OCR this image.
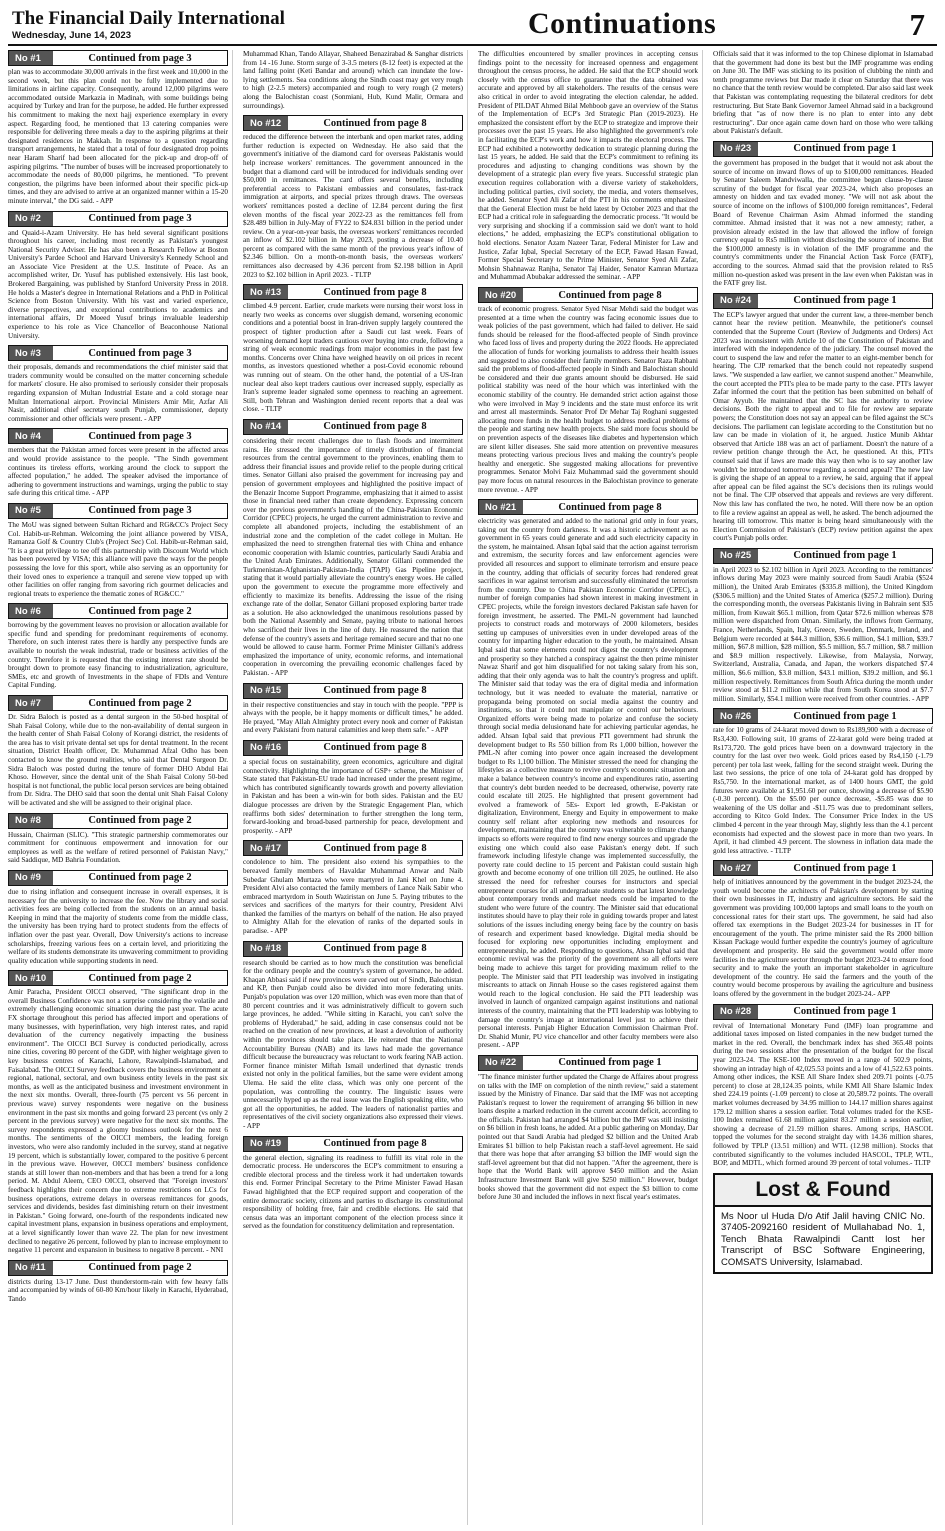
The Financial Daily International
Wednesday, June 14, 2023	Continuations	7
No #1	Continued from page 3

plan was to accommodate 30,000 arrivals in the first week and 10,000 in the second week, but this plan could not be fully implemented due to limitations in airline capacity. Consequently, around 12,000 pilgrims were accommodated outside Markazia in Madinah, with some buildings being acquired by Turkey and Iran for the purpose, he added. He further expressed his commitment to making the next hajj experience exemplary in every aspect. Regarding food, he mentioned that 13 catering companies were responsible for delivering three meals a day to the aspiring pilgrims at their designated residences in Makkah. In response to a question regarding transport arrangements, he stated that a total of four designated drop points near Haram Sharif had been allocated for the pick-up and drop-off of aspiring pilgrims. "The number of buses will be increased proportionately to accommodate the needs of 80,000 pilgrims, he mentioned. "To prevent congestion, the pilgrims have been informed about their specific pick-up times, and they are advised to arrive at an organized manner within a 15-20 minute interval," the DG said. - APP

No #2	Continued from page 3

and Quaid-i-Azam University. He has held several significant positions throughout his career, including most recently as Pakistan's youngest National Security Adviser. He has also been a Research Fellow at Boston University's Pardee School and Harvard University's Kennedy School and an Associate Vice President at the U.S. Institute of Peace. As an accomplished writer, Dr. Yusuf has published extensively. His last book, Brokered Bargaining, was published by Stanford University Press in 2018. He holds a Master's degree in International Relations and a PhD in Political Science from Boston University. With his vast and varied experience, diverse perspectives, and exceptional contributions to academics and international affairs, Dr Moeed Yusuf brings invaluable leadership experience to his role as Vice Chancellor of Beaconhouse National University.

No #3	Continued from page 3

their proposals, demands and recommendations the chief minister said that traders community would be consulted on the matter concerning schedule for markets' closure. He also promised to seriously consider their proposals regarding expansion of Multan Industrial Estate and a cold storage near Multan International airport. Provincial Ministers Amir Mir, Azfar Ali Nasir, additional chief secretary south Punjab, commissioner, deputy commissioner and other officials were present. - APP

No #4	Continued from page 3

members that the Pakistan armed forces were present in the affected areas and would provide assistance to the people. "The Sindh government continues its tireless efforts, working around the clock to support the affected population," he added. The speaker advised the importance of adhering to government instructions and warnings, urging the public to stay safe during this critical time. - APP

No #5	Continued from page 3

The MoU was signed between Sultan Richard and RG&CC's Project Secy Col. Habib-ur-Rehman. Welcoming the joint alliance powered by VISA, Ramanza Golf & Country Club's (Project Sec) Col. Habib-ur-Rehman said, "It is a great privilege to tee off this partnership with Discount World which has been powered by VISA; this alliance will pave the ways for the people possessing the love for this sport, while also serving as an opportunity for their loved ones to experience a tranquil and serene view topped up with other facilities on offer ranging from savoring rich gourmet delicacies and regional treats to experience the thematic zones of RG&CC."

No #6	Continued from page 2

borrowing by the government leaves no provision or allocation available for specific fund and spending for predominant requirements of economy. Therefore, on such interest rates there is hardly any perspective funds are available to nourish the weak industrial, trade or business activities of the country. Therefore it is requested that the existing interest rate should be brought down to promote easy financing to industrialization, agriculture, SMEs, etc and growth of Investments in the shape of FDIs and Venture Capital Funding.

No #7	Continued from page 2

Dr. Sidra Baloch is posted as a dental surgeon in the 50-bed hospital of Shah Faisal Colony, while due to the non-availability of dental surgeon in the health center of Shah Faisal Colony of Korangi district, the residents of the area has to visit private dental set ups for dental treatment. In the recent situation, District Health officer, Dr. Muhammad Afzal Odho has been contacted to know the ground realities, who said that Dental Surgeon Dr. Sidra Baloch was posted during the tenure of former DHO Abdul Hai Khoso. However, since the dental unit of the Shah Faisal Colony 50-bed hospital is not functional, the public local person services are being obtained from Dr. Sidra. The DHO said that soon the dental unit Shah Faisal Colony will be activated and she will be assigned to their original place.

No #8	Continued from page 2

Hussain, Chairman (SLIC). "This strategic partnership commemorates our commitment for continuous empowerment and innovation for our employees as well as the welfare of retired personnel of Pakistan Navy," said Saddique, MD Bahria Foundation.

No #9	Continued from page 2

due to rising inflation and consequent increase in overall expenses, it is necessary for the university to increase the fee. Now the library and social activities fees are being collected from the students on an annual basis. Keeping in mind that the majority of students come from the middle class, the university has been trying hard to protect students from the effects of inflation over the past year. Overall, Dow University's actions to increase scholarships, freezing various fees on a certain level, and prioritizing the welfare of its students demonstrate its unwavering commitment to providing quality education while supporting students in need.

No #10	Continued from page 2

Amir Paracha, President OICCI observed, "The significant drop in the overall Business Confidence was not a surprise considering the volatile and extremely challenging economic situation during the past year. The acute FX shortage throughout this period has affected import and operations of many businesses, with hyperinflation, very high interest rates, and rapid devaluation of the currency negatively impacting the business environment". The OICCI BCI Survey is conducted periodically, across nine cities, covering 80 percent of the GDP, with higher weightage given to key business centres of Karachi, Lahore, Rawalpindi-Islamabad, and Faisalabad. The OICCI Survey feedback covers the business environment at regional, national, sectoral, and own business entity levels in the past six months, as well as the anticipated business and investment environment in the next six months. Overall, three-fourth (75 percent vs 56 percent in previous wave) survey respondents were negative on the business environment in the past six months and going forward 23 percent (vs only 2 percent in the previous survey) were negative for the next six months. The survey respondents expressed a gloomy business outlook for the next 6 months. The sentiments of the OICCI members, the leading foreign investors, who were also randomly included in the survey, stand at negative 19 percent, which is substantially lower, compared to the positive 6 percent in the previous wave. However, OICCI members' business confidence stands at still lower than non-members and that has been a trend for a long period. M. Abdul Aleem, CEO OICCI, observed that "Foreign investors' feedback highlights their concern due to extreme restrictions on LCs for business operations, extreme delays in overseas remittances for goods, services and dividends, besides fast diminishing return on their investment in Pakistan." Going forward, one-fourth of the respondents indicated new capital investment plans, expansion in business operations and employment, at a level significantly lower than wave 22. The plan for new investment declined to negative 26 percent, followed by plan to increase employment to negative 11 percent and expansion in business to negative 8 percent. - NNI

No #11	Continued from page 2

districts during 13-17 June. Dust thunderstorm-rain with few heavy falls and accompanied by winds of 60-80 Km/hour likely in Karachi, Hyderabad, Tando

Muhammad Khan, Tando Allayar, Shaheed Benazirabad & Sanghar districts from 14 -16 June. Storm surge of 3-3.5 meters (8-12 feet) is expected at the land falling point (Keti Bandar and around) which can inundate the low-lying settlements. Sea conditions along the Sindh coast may get very rough to high (2-2.5 meters) accompanied and rough to very rough (2 meters) along the Balochistan coast (Sonmiani, Hub, Kund Malir, Ormara and surroundings).

No #12	Continued from page 8

reduced the difference between the interbank and open market rates, adding further reduction is expected on Wednesday. He also said that the government's initiative of the diamond card for overseas Pakistanis would help increase workers' remittances. The government announced in the budget that a diamond card will be introduced for individuals sending over $50,000 in remittances. The card offers several benefits, including preferential access to Pakistani embassies and consulates, fast-track immigration at airports, and special prizes through draws. The overseas workers' remittances posted a decline of 12.84 percent during the first eleven months of the fiscal year 2022-23 as the remittances fell from $28.489 billion in July-May of FY22 to $24.831 billion in the period under review. On a year-on-year basis, the overseas workers' remittances recorded an inflow of $2.102 billion in May 2023, posting a decrease of 10.40 percent as compared with the same month of the previous year's inflow of $2.346 billion. On a month-on-month basis, the overseas workers' remittances also decreased by 4.36 percent from $2.198 billion in April 2023 to $2.102 billion in April 2023. - TLTP

No #13	Continued from page 8

climbed 4.9 percent. Earlier, crude markets were nursing their worst loss in nearly two weeks as concerns over sluggish demand, worsening economic conditions and a potential boost in Iran-driven supply largely countered the prospect of tighter production after a Saudi cut last week. Fears of worsening demand kept traders cautious over buying into crude, following a string of weak economic readings from major economies in the past few months. Concerns over China have weighed heavily on oil prices in recent months, as investors questioned whether a post-Covid economic rebound was running out of steam. On the other hand, the potential of a US-Iran nuclear deal also kept traders cautious over increased supply, especially as Iran's supreme leader signaled some openness to reaching an agreement. Still, both Tehran and Washington denied recent reports that a deal was close. - TLTP

No #14	Continued from page 8

considering their recent challenges due to flash floods and intermittent rains. He stressed the importance of timely distribution of financial resources from the central government to the provinces, enabling them to address their financial issues and provide relief to the people during critical times. Senator Gillani also praised the government for increasing pay and pension of government employees and highlighted the positive impact of the Benazir Income Support Programme, emphasizing that it aimed to assist those in financial need rather than create dependency. Expressing concern over the previous government's handling of the China-Pakistan Economic Corridor (CPEC) projects, he urged the current administration to revive and complete all abandoned projects, including the establishment of an industrial zone and the completion of the cadet college in Multan. He emphasized the need to strengthen fraternal ties with China and enhance economic cooperation with Islamic countries, particularly Saudi Arabia and the United Arab Emirates. Additionally, Senator Gillani commended the Turkmenistan-Afghanistan-Pakistan-India (TAPI) Gas Pipeline project, stating that it would partially alleviate the country's energy woes. He called upon the government to execute the programme more effectively and efficiently to maximize its benefits. Addressing the issue of the rising exchange rate of the dollar, Senator Gillani proposed exploring barter trade as a solution. He also acknowledged the unanimous resolutions passed by both the National Assembly and Senate, paying tribute to national heroes who sacrificed their lives in the line of duty. He reassured the nation that defense of the country's assets and heritage remained secure and that no one would be allowed to cause harm. Former Prime Minister Gillani's address emphasized the importance of unity, economic reforms, and international cooperation in overcoming the prevailing economic challenges faced by Pakistan. - APP

No #15	Continued from page 8

in their respective constituencies and stay in touch with the people. "PPP is always with the people, be it happy moments or difficult times," he added. He prayed, "May Allah Almighty protect every nook and corner of Pakistan and every Pakistani from natural calamities and keep them safe." - APP

No #16	Continued from page 8

a special focus on sustainability, green economics, agriculture and digital connectivity. Highlighting the importance of GSP+ scheme, the Minister of State stated that Pakistan-EU trade had increased under the present regime, which has contributed significantly towards growth and poverty alleviation in Pakistan and has been a win-win for both sides. Pakistan and the EU dialogue processes are driven by the Strategic Engagement Plan, which reaffirms both sides' determination to further strengthen the long term, forward-looking and broad-based partnership for peace, development and prosperity. - APP

No #17	Continued from page 8

condolence to him. The president also extend his sympathies to the bereaved family members of Havaldar Muhammad Anwar and Naib Subedar Ghulam Murtaza who were martyred in Jani Khel on June 4. President Alvi also contacted the family members of Lance Naik Sabir who embraced martyrdom in South Waziristan on June 5. Paying tributes to the services and sacrifices of the martyrs for their country, President Alvi thanked the families of the martyrs on behalf of the nation. He also prayed to Almighty Allah for the elevation of ranks of the departed souls in paradise. - APP

No #18	Continued from page 8

research should be carried as to how much the constitution was beneficial for the ordinary people and the country's system of governance, he added. Khaqan Abbasi said if new provinces were carved out of Sindh, Balochistan and KP, then Punjab could also be divided into more federating units. Punjab's population was over 120 million, which was even more than that of 80 percent countries and it was administratively difficult to govern such large provinces, he added. "While sitting in Karachi, you can't solve the problems of Hyderabad," he said, adding in case consensus could not be reached on the creation of new provinces, at least a devolution of authority within the provinces should take place. He reiterated that the National Accountability Bureau (NAB) and its laws had made the governance difficult because the bureaucracy was reluctant to work fearing NAB action. Former finance minister Miftah Ismail underlined that dynastic trends existed not only in the political families, but the same were evident among Ulema. He said the elite class, which was only one percent of the population, was controlling the country. The linguistic issues were unnecessarily hyped up as the real issue was the English speaking elite, who got all the opportunities, he added. The leaders of nationalist parties and representatives of the civil society organizations also expressed their views. - APP

No #19	Continued from page 8

the general election, signaling its readiness to fulfill its vital role in the democratic process. He underscores the ECP's commitment to ensuring a credible electoral process and the tireless work it had undertaken towards this end. Former Principal Secretary to the Prime Minister Fawad Hasan Fawad highlighted that the ECP required support and cooperation of the entire democratic society, citizens and parties to discharge its constitutional responsibility of holding free, fair and credible elections. He said that census data was an important component of the election process since it served as the foundation for constituency delimitation and representation.

The difficulties encountered by smaller provinces in accepting census findings point to the necessity for increased openness and engagement throughout the census process, he added. He said that the ECP should work closely with the census office to guarantee that the data obtained was accurate and approved by all stakeholders. The results of the census were also critical in order to avoid integrating the election calendar, he added. President of PILDAT Ahmed Bilal Mehboob gave an overview of the Status of the Implementation of ECP's 3rd Strategic Plan (2019-2023). He emphasized the consistent effort by the ECP to strategize and improve their processes over the past 15 years. He also highlighted the government's role in facilitating the ECP's work and how it impacts the electoral process. The ECP had exhibited a noteworthy dedication to strategic planning during the last 15 years, he added. He said that the ECP's commitment to refining its procedures and adjusting to changing conditions was shown by the development of a strategic plan every five years. Successful strategic plan execution requires collaboration with a diverse variety of stakeholders, including political parties, civil society, the media, and voters themselves, he added. Senator Syed Ali Zafar of the PTI in his comments emphasized that the General Election must be held latest by October 2023 and that the ECP had a critical role in safeguarding the democratic process. "It would be very surprising and shocking if a commission said we don't want to hold elections," he added, emphasizing the ECP's constitutional obligation to hold elections. Senator Azam Nazeer Tarar, Federal Minister for Law and Justice, Zafar Iqbal, Special Secretary of the ECP, Fawad Hasan Fawad, Former Special Secretary to the Prime Minister, Senator Syed Ali Zafar, Mohsin Shahnawaz Ranjha, Senator Taj Haider, Senator Kamran Murtaza and Muhammad Abubakar addressed the seminar. - APP

No #20	Continued from page 8

track of economic progress. Senator Syed Nisar Mehdi said the budget was presented at a time when the country was facing economic issues due to weak policies of the past government, which had failed to deliver. He said funds should be released for the flood-affected people of Sindh province who faced loss of lives and property during the 2022 floods. He appreciated the allocation of funds for working journalists to address their health issues and suggested to also consider their family members. Senator Raza Rabbani said the problems of flood-affected people in Sindh and Balochistan should be considered and their due grants amount should be disbursed. He said political stability was need of the hour which was interlinked with the economic stability of the country. He demanded strict action against those who were involved in May 9 incidents and the state must enforce its writ and arrest all masterminds. Senator Prof Dr Mehar Taj Roghani suggested allocating more funds in the health budget to address medical problems of the people and starting new health projects. She said more focus should be on prevention aspects of the diseases like diabetes and hypertension which are silent killer diseases. She said more attention on preventive measures means protecting various precious lives and making the country's people healthy and energetic. She suggested making allocations for preventive programmes. Senator Molvi Faiz Muhammad said the government should pay more focus on natural resources in the Balochistan province to generate more revenue. - APP

No #21	Continued from page 8

electricity was generated and added to the national grid only in four years, taking out the country from darkness. It was a historic achievement as no government in 65 years could generate and add such electricity capacity in the system, he maintained. Ahsan Iqbal said that the action against terrorism and extremism, the security forces and law enforcement agencies were provided all resources and support to eliminate terrorism and ensure peace in the country, adding that officials of security forces had rendered great sacrifices in war against terrorism and successfully eliminated the terrorism from the country. Due to China Pakistan Economic Corridor (CPEC), a number of foreign companies had shown interest in making investment in CPEC projects, while the foreign investors declared Pakistan safe haven for foreign investment, he asserted. The PML-N government had launched projects to construct roads and motorways of 2000 kilometers, besides setting up campuses of universities even in under developed areas of the country for imparting higher education to the youth, he maintained. Ahsan Iqbal said that some elements could not digest the country's development and prosperity so they hatched a conspiracy against the then prime minister Nawaz Sharif and got him disqualified for not taking salary from his son, adding that their only agenda was to halt the country's progress and uplift. The Minister said that today was the era of digital media and information technology, but it was needed to evaluate the material, narrative or propaganda being promoted on social media against the country and institutions, so that it could not manipulate or control our behaviours. Organized efforts were being made to polarize and confuse the society through social media delusionand hate for achieving particular agendas, he added. Ahsan Iqbal said that previous PTI government had shrunk the development budget to Rs 550 billion from Rs 1,000 billion, however the PML-N after coming into power once again increased the development budget to Rs 1,100 billion. The Minister stressed the need for changing the lifestyles as a collective measure to revive country's economic situation and make a balance between country's income and expenditures ratio, asserting that country's debt burden needed to be decreased, otherwise, poverty rate could escalate till 2025. He highlighted that present government had evolved a framework of 5Es- Export led growth, E-Pakistan or digitalization, Environment, Energy and Equity in empowerment to make country self reliant after exploring new methods and resources for development, maintaining that the country was vulnerable to climate change impacts so efforts were required to find new energy sources and upgrade the existing one which could also ease Pakistan's energy debt. If such framework including lifestyle change was implemented successfully, the poverty rate could decline to 15 percent and Pakistan could sustain high growth and become economy of one trillion till 2025, he outlined. He also stressed the need for refresher courses for instructors and special entrepreneur courses for all undergraduate students so that latest knowledge about contemporary trends and market needs could be imparted to the student who were future of the country. The Minister said that educational institutes should have to play their role in guiding towards proper and latest solutions of the issues including energy being face by the country on basis of research and experiment based knowledge. Digital media should be focused for exploring new opportunities including employment and entrepreneurship, he added. Responding to questions, Ahsan Iqbal said that economic revival was the priority of the government so all efforts were being made to achieve this target for providing maximum relief to the people. The Minister said that PTI leadership was involved in instigating miscreants to attack on Jinnah House so the cases registered against them would reach to the logical conclusion. He said the PTI leadership was involved in launch of organized campaign against institutions and national interests of the country, maintaining that the PTI leadership was lobbying to damage the country's image at international level just to achieve their personal interests. Punjab Higher Education Commission Chairman Prof. Dr. Shahid Munir, PU vice chancellor and other faculty members were also present. - APP

No #22	Continued from page 1

"The finance minister further updated the Charge de Affaires about progress on talks with the IMF on completion of the ninth review," said a statement issued by the Ministry of Finance. Dar said that the IMF was not accepting Pakistan's request to lower the requirement of arranging $6 billion in new loans despite a marked reduction in the current account deficit, according to the officials. Pakistan had arranged $4 billion but the IMF was still insisting on $6 billion in fresh loans, he added. At a public gathering on Monday, Dar pointed out that Saudi Arabia had pledged $2 billion and the United Arab Emirates $1 billion to help Pakistan reach a staff-level agreement. He said that there was hope that after arranging $3 billion the IMF would sign the staff-level agreement but that did not happen. "After the agreement, there is hope that the World Bank will approve $450 million and the Asian Infrastructure Investment Bank will give $250 million." However, budget books showed that the government did not expect the $3 billion to come before June 30 and included the inflows in next fiscal year's estimates.

Officials said that it was informed to the top Chinese diplomat in Islamabad that the government had done its best but the IMF programme was ending on June 30. The IMF was sticking to its position of clubbing the ninth and tenth programme reviews but Dar made it clear on Saturday that there was no chance that the tenth review would be completed. Dar also said last week that Pakistan was contemplating requesting the bilateral creditors for debt restructuring. But State Bank Governor Jameel Ahmad said in a background briefing that "as of now there is no plan to enter into any debt restructuring". Dar once again came down hard on those who were talking about Pakistan's default.

No #23	Continued from page 1

the government has proposed in the budget that it would not ask about the source of income on inward flows of up to $100,000 remittances. Headed by Senator Saleem Mandviwalla, the committee began clause-by-clause scrutiny of the budget for fiscal year 2023-24, which also proposes an amnesty on hidden and tax evaded money. "We will not ask about the source of income on the inflows of $100,000 foreign remittances", Federal Board of Revenue Chairman Asim Ahmad informed the standing committee. Ahmad insisted that it was not a new amnesty; rather, a provision already existed in the law that allowed the inflow of foreign currency equal to Rs5 million without disclosing the source of income. But the $100,000 amnesty is in violation of the IMF programme and the country's commitments under the Financial Action Task Force (FATF), according to the sources. Ahmad said that the provision related to Rs5 million no-question asked was present in the law even when Pakistan was in the FATF grey list.

No #24	Continued from page 1

The ECP's lawyer argued that under the current law, a three-member bench cannot hear the review petition. Meanwhile, the petitioner's counsel contended that the Supreme Court (Review of Judgments and Orders) Act 2023 was inconsistent with Article 10 of the Constitution of Pakistan and interfered with the independence of the judiciary. The counsel moved the court to suspend the law and refer the matter to an eight-member bench for hearing. The CJP remarked that the bench could not repeatedly suspend laws. "We suspended a law earlier, we cannot suspend another." Meanwhile, the court accepted the PTI's plea to be made party to the case. PTI's lawyer Zafar informed the court that the petition has been submitted on behalf of Omar Ayyub. He maintained that the SC has the authority to review decisions. Both the right to appeal and to file for review are separate powers; the Constitution does not say an appeal can be filed against the SC's decisions. The parliament can legislate according to the Constitution but no law can be made in violation of it, he argued. Justice Munib Akhtar observed that Article 188 was an act of parliament. Doesn't the nature of a review petition change through the Act, he questioned. At this, PTI's counsel said that if laws are made this way then who is to say another law wouldn't be introduced tomorrow regarding a second appeal? The new law is giving the shape of an appeal to a review, he said, arguing that if appeal after appeal can be filed against the SC's decisions then its rulings would not be final. The CJP observed that appeals and reviews are very different. Now this law has conflated the two, he noted. Will there now be an option to file a review against an appeal as well, he asked. The bench adjourned the hearing till tomorrow. This matter is being heard simultaneously with the Election Commission of Pakistan's (ECP) review petition against the apex court's Punjab polls order.

No #25	Continued from page 1

in April 2023 to $2.102 billion in April 2023. According to the remittances' inflows during May 2023 were mainly sourced from Saudi Arabia ($524 million), the United Arab Emirates ($335.8 million), the United Kingdom ($306.5 million) and the United States of America ($257.2 million). During the corresponding month, the overseas Pakistanis living in Bahrain sent $35 million, from Kuwait $65.1 million, from Qatar $72.6 million whereas $78 million were dispatched from Oman. Similarly, the inflows from Germany, France, Netherlands, Spain, Italy, Greece, Sweden, Denmark, Ireland, and Belgium were recorded at $44.3 million, $36.6 million, $4.1 million, $39.7 million, $67.8 million, $28 million, $5.5 million, $5.7 million, $8.7 million and $8.9 million respectively. Likewise, from Malaysia, Norway, Switzerland, Australia, Canada, and Japan, the workers dispatched $7.4 million, $6.6 million, $3.8 million, $43.1 million, $39.2 million, and $6.1 million respectively. Remittances from South Africa during the month under review stood at $11.2 million while that from South Korea stood at $7.7 million. Similarly, $54.1 million were received from other countries. - APP

No #26	Continued from page 1

rate for 10 grams of 24-karat moved down to Rs189,900 with a decrease of Rs3,430. Following suit, 10 grams of 22-karat gold were being traded at Rs173,720. The gold prices have been on a downward trajectory in the country for the last over two week. Gold prices eased by Rs4,150 (-1.79 percent) per tola last week, falling for the second straight week. During the last two sessions, the price of one tola of 24-karat gold has dropped by Rs5,750. In the international market, as of 1400 hours GMT, the gold futures were available at $1,951.60 per ounce, showing a decrease of $5.90 (-0.30 percent). On the $5.00 per ounce decrease, -$5.85 was due to weakening of the US dollar and -$11.75 was due to predominant sellers, according to Kitco Gold Index. The Consumer Price Index in the US climbed 4 percent in the year through May, slightly less than the 4.1 percent economists had expected and the slowest pace in more than two years. In April, it had climbed 4.9 percent. The slowness in inflation data made the gold less attractive. - TLTP

No #27	Continued from page 1

help of initiatives announced by the government in the budget 2023-24, the youth would become the architects of Pakistan's development by starting their own businesses in IT, industry and agriculture sectors. He said the government was providing 100,000 laptops and small loans to the youth on concessional rates for their start ups. The government, he said had also offered tax exemptions in the Budget 2023-24 for businesses in IT for encouragement of the youth. The prime minister said the Rs 2000 billion Kissan Package would further expedite the country's journey of agriculture development and prosperity. He said the government would offer more facilities in the agriculture sector through the budget 2023-24 to ensure food security and to make the youth an important stakeholder in agriculture development of the country. He said the farmers and the youth of the country would become prosperous by availing the agriculture and business loans offered by the government in the budget 2023-24.- APP

No #28	Continued from page 1

revival of International Monetary Fund (IMF) loan programme and additional taxes imposed on listed companies in the new budget turned the market in the red. Overall, the benchmark index has shed 365.48 points during the two sessions after the presentation of the budget for the fiscal year 2023-24. The KSE-100 Index moved in a range of 502.9 points, showing an intraday high of 42,025.53 points and a low of 41,522.63 points. Among other indices, the KSE All Share Index shed 209.71 points (-0.75 percent) to close at 28,124.35 points, while KMI All Share Islamic Index shed 224.19 points (-1.09 percent) to close at 20,589.72 points. The overall market volumes decreased by 34.95 million to 144.17 million shares against 179.12 million shares a session earlier. Total volumes traded for the KSE-100 Index remained 61.68 million against 83.27 million a session earlier, showing a decrease of 21.59 million shares. Among scrips, HASCOL topped the volumes for the second straight day with 14.36 million shares, followed by TPLP (13.51 million) and WTL (12.98 million). Stocks that contributed significantly to the volumes included HASCOL, TPLP, WTL, BOP, and MDTL, which formed around 39 percent of total volumes.- TLTP

Lost & Found
Ms Noor ul Huda D/o Atif Jalil having CNIC No. 37405-2092160 resident of Mullahabad No. 1, Tench Bhata Rawalpindi Cantt lost her Transcript of BSC Software Engineering, COMSATS University, Islamabad.
